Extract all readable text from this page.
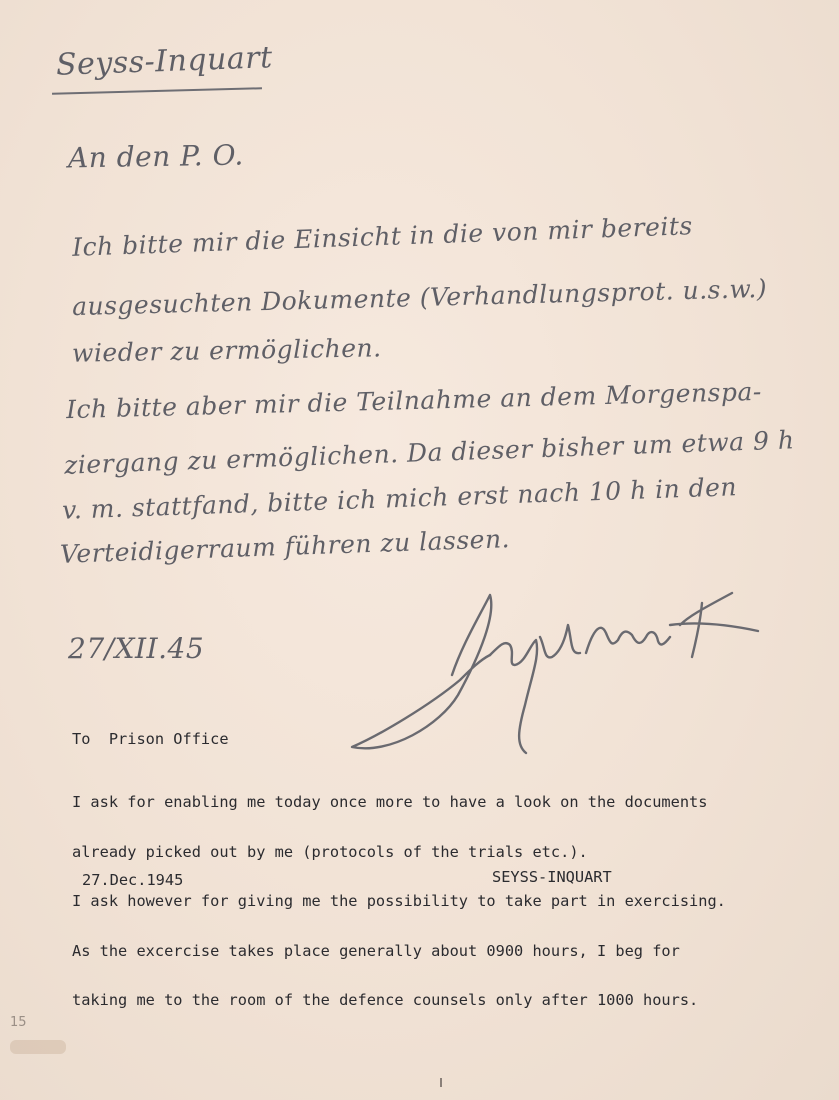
Seyss-Inquart
An den P. O.
Ich bitte mir die Einsicht in die von mir bereits
ausgesuchten Dokumente (Verhandlungsprot. u.s.w.)
wieder zu ermöglichen.
Ich bitte aber mir die Teilnahme an dem Morgenspa-
ziergang zu ermöglichen. Da dieser bisher um etwa 9 h
v. m. stattfand, bitte ich mich erst nach 10 h in den
Verteidigerraum führen zu lassen.
27/XII.45
To  Prison Office

I ask for enabling me today once more to have a look on the documents

already picked out by me (protocols of the trials etc.).

I ask however for giving me the possibility to take part in exercising.

As the excercise takes place generally about 0900 hours, I beg for

taking me to the room of the defence counsels only after 1000 hours.

27.Dec.1945	SEYSS-INQUART
15
